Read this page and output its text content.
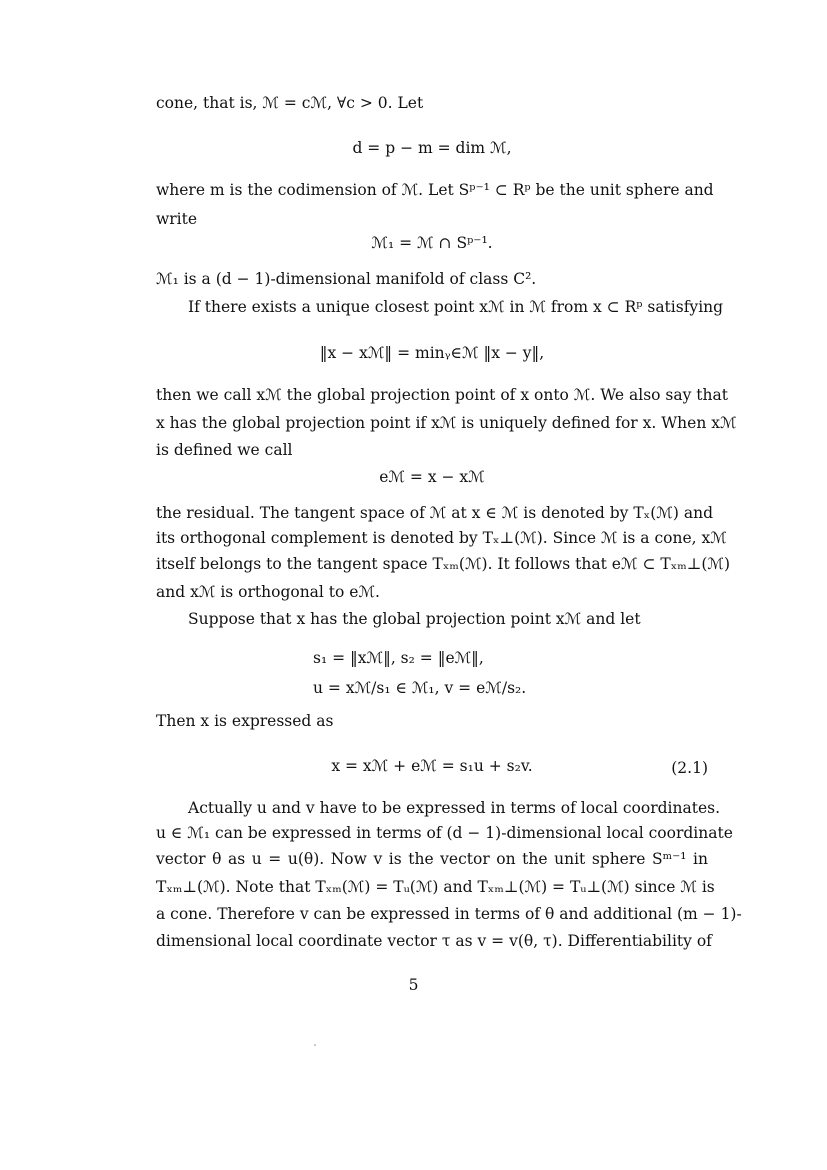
cone, that is, ℳ = cℳ, ∀c > 0. Let
d = p − m = dim ℳ,
where m is the codimension of ℳ. Let Sᵖ⁻¹ ⊂ Rᵖ be the unit sphere and
write
ℳ₁ = ℳ ∩ Sᵖ⁻¹.
ℳ₁ is a (d − 1)-dimensional manifold of class C².
If there exists a unique closest point xℳ in ℳ from x ⊂ Rᵖ satisfying
‖x − xℳ‖ = minᵧ∈ℳ ‖x − y‖,
then we call xℳ the global projection point of x onto ℳ. We also say that
x has the global projection point if xℳ is uniquely defined for x. When xℳ
is defined we call
eℳ = x − xℳ
the residual. The tangent space of ℳ at x ∈ ℳ is denoted by Tₓ(ℳ) and
its orthogonal complement is denoted by Tₓ⊥(ℳ). Since ℳ is a cone, xℳ
itself belongs to the tangent space Tₓₘ(ℳ). It follows that eℳ ⊂ Tₓₘ⊥(ℳ)
and xℳ is orthogonal to eℳ.
Suppose that x has the global projection point xℳ and let
s₁ = ‖xℳ‖, s₂ = ‖eℳ‖,
u = xℳ/s₁ ∈ ℳ₁, v = eℳ/s₂.
Then x is expressed as
x = xℳ + eℳ = s₁u + s₂v.	(2.1)
Actually u and v have to be expressed in terms of local coordinates.
u ∈ ℳ₁ can be expressed in terms of (d − 1)-dimensional local coordinate
vector θ as u = u(θ). Now v is the vector on the unit sphere Sᵐ⁻¹ in
Tₓₘ⊥(ℳ). Note that Tₓₘ(ℳ) = Tᵤ(ℳ) and Tₓₘ⊥(ℳ) = Tᵤ⊥(ℳ) since ℳ is
a cone. Therefore v can be expressed in terms of θ and additional (m − 1)-
dimensional local coordinate vector τ as v = v(θ, τ). Differentiability of
5
